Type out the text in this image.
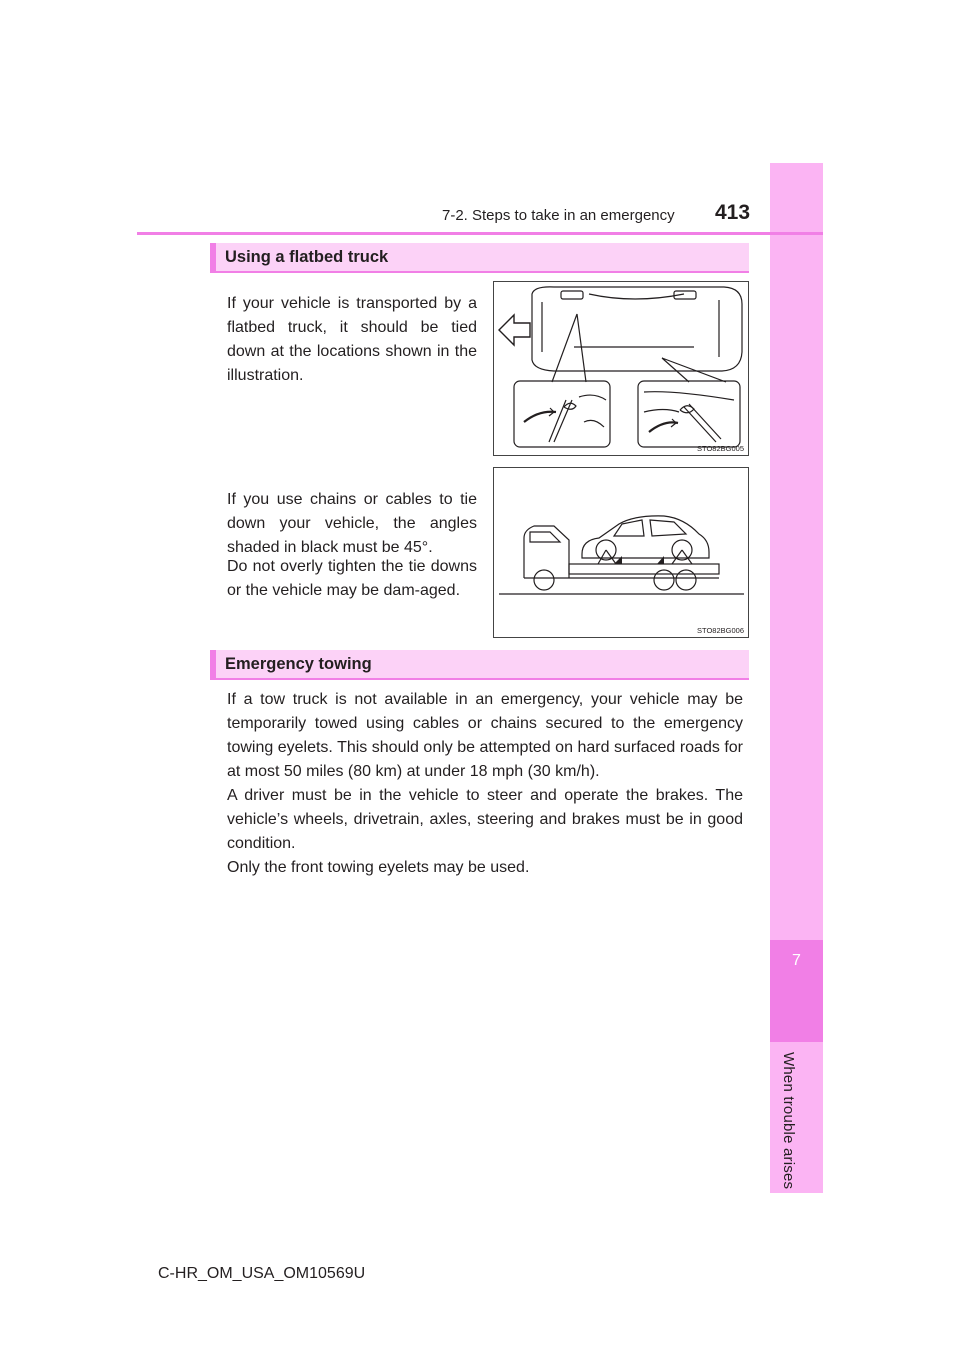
7
When trouble arises
7-2. Steps to take in an emergency 413
Using a flatbed truck

If your vehicle is transported by a flatbed truck, it should be tied down at the locations shown in the illustration.

If you use chains or cables to tie down your vehicle, the angles shaded in black must be 45°.

Do not overly tighten the tie downs or the vehicle may be dam-aged.

STO82BG005
STO82BG006
Emergency towing

If a tow truck is not available in an emergency, your vehicle may be temporarily towed using cables or chains secured to the emergency towing eyelets. This should only be attempted on hard surfaced roads for at most 50 miles (80 km) at under 18 mph (30 km/h).

A driver must be in the vehicle to steer and operate the brakes. The vehicle’s wheels, drivetrain, axles, steering and brakes must be in good condition.

Only the front towing eyelets may be used.

C-HR_OM_USA_OM10569U
